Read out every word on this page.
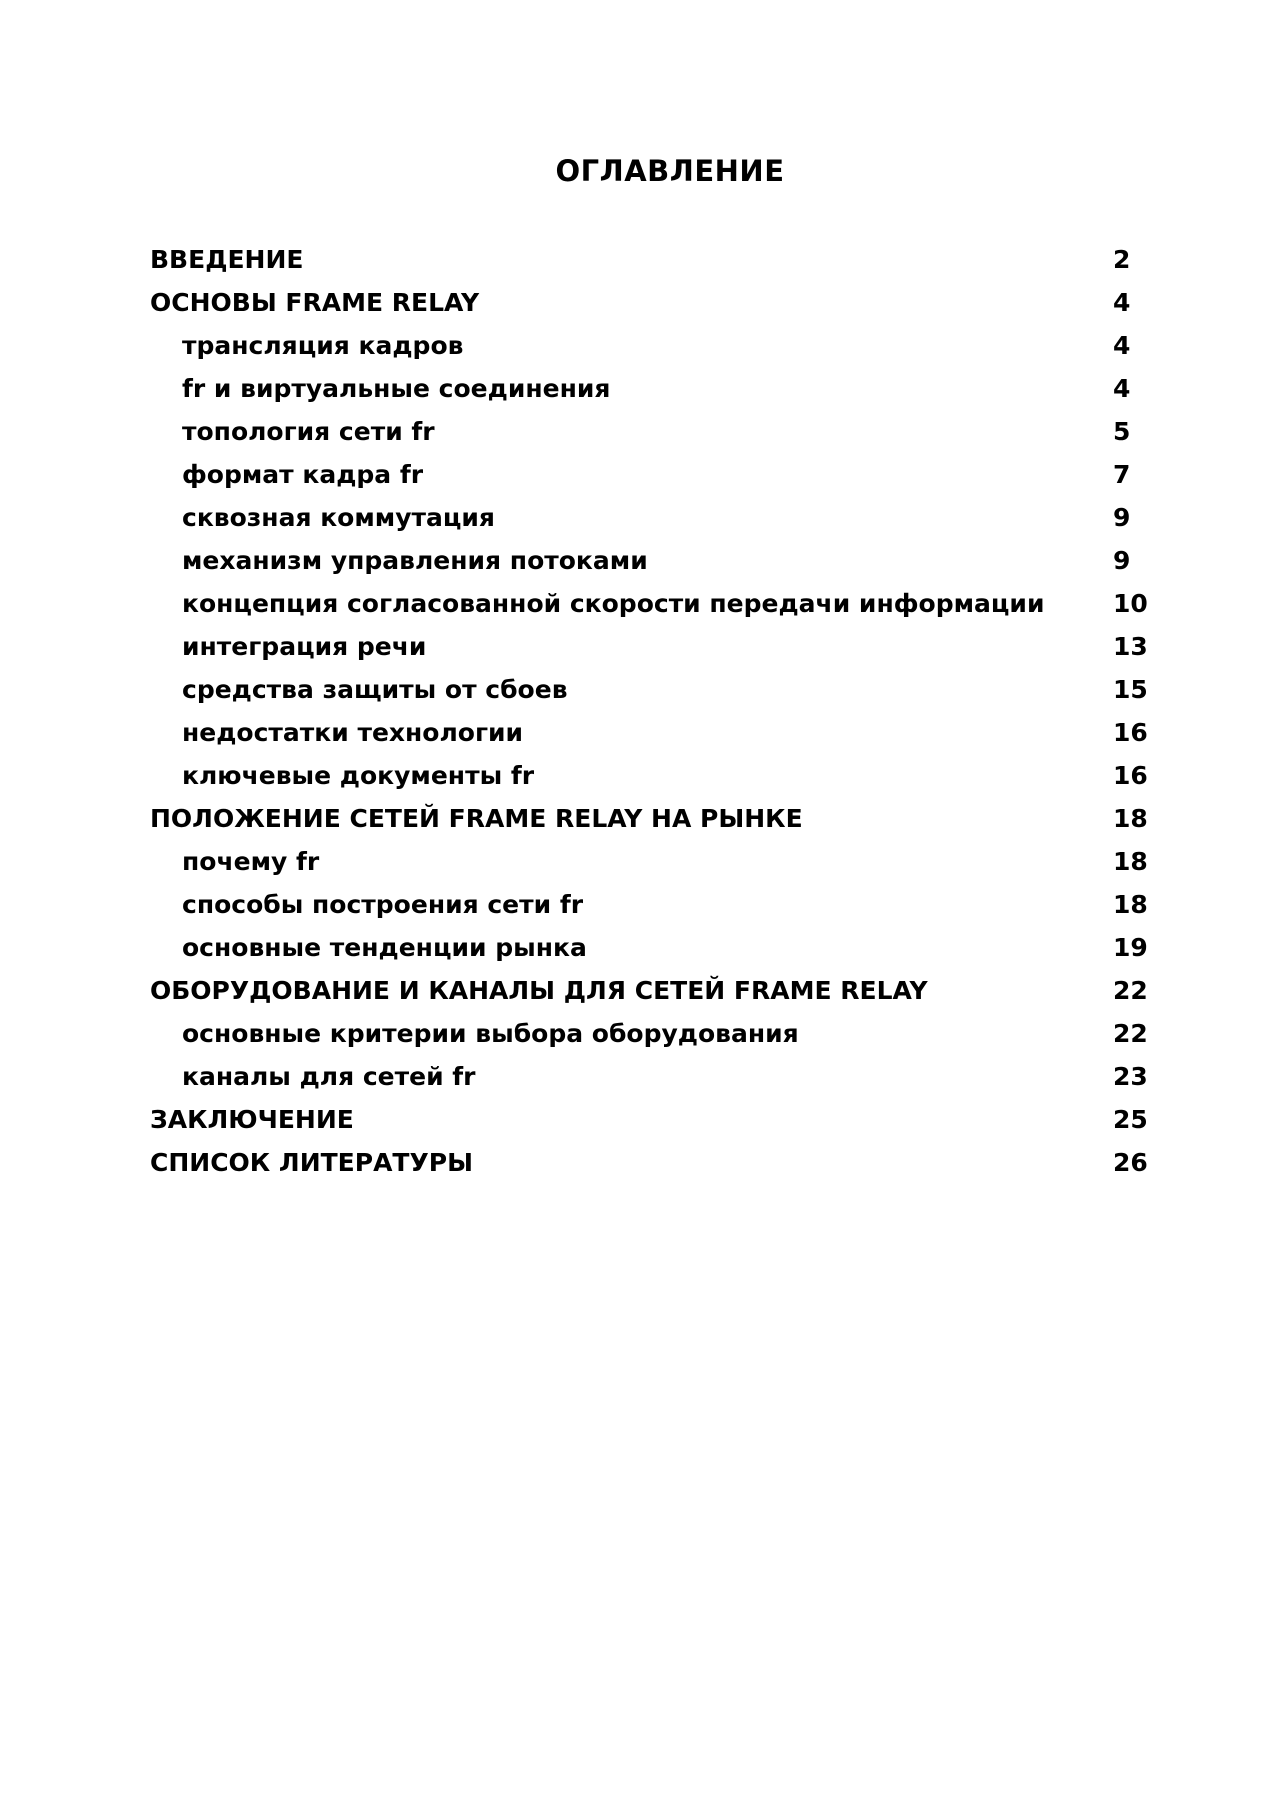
ОГЛАВЛЕНИЕ
ВВЕДЕНИЕ	2
ОСНОВЫ FRAME RELAY	4
трансляция кадров	4
fr и виртуальные соединения	4
топология сети fr	5
формат кадра fr	7
сквозная коммутация	9
механизм управления потоками	9
концепция согласованной скорости передачи информации	10
интеграция речи	13
средства защиты от сбоев	15
недостатки технологии	16
ключевые документы fr	16
ПОЛОЖЕНИЕ СЕТЕЙ FRAME RELAY НА РЫНКЕ	18
почему fr	18
способы построения сети fr	18
основные тенденции рынка	19
ОБОРУДОВАНИЕ И КАНАЛЫ ДЛЯ СЕТЕЙ FRAME RELAY	22
основные критерии выбора оборудования	22
каналы для сетей fr	23
ЗАКЛЮЧЕНИЕ	25
СПИСОК ЛИТЕРАТУРЫ	26
